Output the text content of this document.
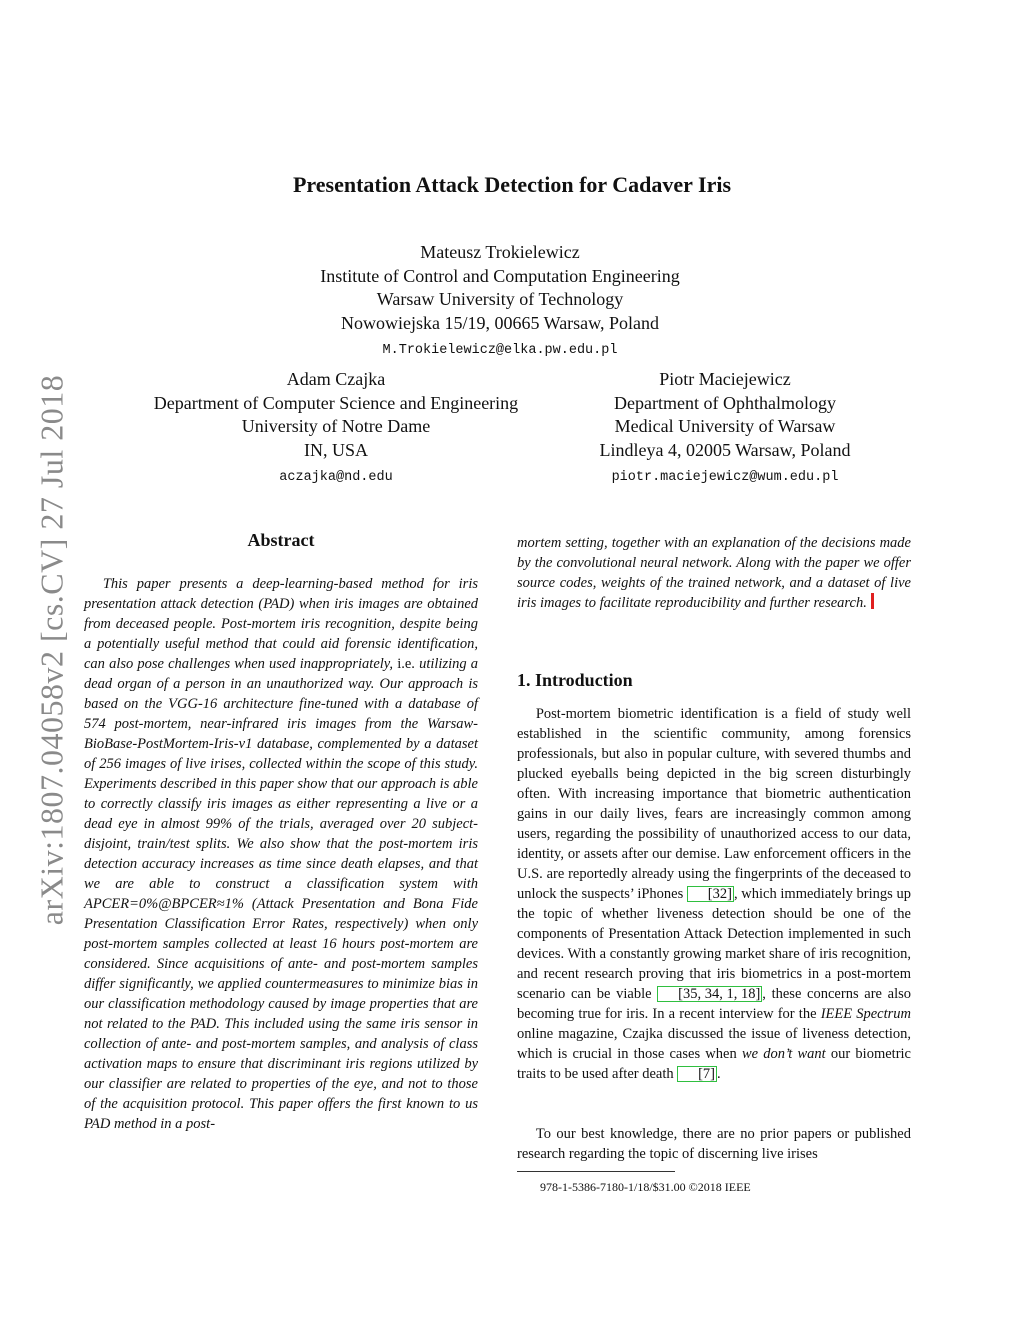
arXiv:1807.04058v2 [cs.CV] 27 Jul 2018
Presentation Attack Detection for Cadaver Iris
Mateusz Trokielewicz
Institute of Control and Computation Engineering
Warsaw University of Technology
Nowowiejska 15/19, 00665 Warsaw, Poland
M.Trokielewicz@elka.pw.edu.pl
Adam Czajka
Department of Computer Science and Engineering
University of Notre Dame
IN, USA
aczajka@nd.edu
Piotr Maciejewicz
Department of Ophthalmology
Medical University of Warsaw
Lindleya 4, 02005 Warsaw, Poland
piotr.maciejewicz@wum.edu.pl
Abstract

This paper presents a deep-learning-based method for iris presentation attack detection (PAD) when iris images are obtained from deceased people. Post-mortem iris recognition, despite being a potentially useful method that could aid forensic identification, can also pose challenges when used inappropriately, i.e. utilizing a dead organ of a person in an unauthorized way. Our approach is based on the VGG-16 architecture fine-tuned with a database of 574 post-mortem, near-infrared iris images from the Warsaw-BioBase-PostMortem-Iris-v1 database, complemented by a dataset of 256 images of live irises, collected within the scope of this study. Experiments described in this paper show that our approach is able to correctly classify iris images as either representing a live or a dead eye in almost 99% of the trials, averaged over 20 subject-disjoint, train/test splits. We also show that the post-mortem iris detection accuracy increases as time since death elapses, and that we are able to construct a classification system with APCER=0%@BPCER≈1% (Attack Presentation and Bona Fide Presentation Classification Error Rates, respectively) when only post-mortem samples collected at least 16 hours post-mortem are considered. Since acquisitions of ante- and post-mortem samples differ significantly, we applied countermeasures to minimize bias in our classification methodology caused by image properties that are not related to the PAD. This included using the same iris sensor in collection of ante- and post-mortem samples, and analysis of class activation maps to ensure that discriminant iris regions utilized by our classifier are related to properties of the eye, and not to those of the acquisition protocol. This paper offers the first known to us PAD method in a post-

mortem setting, together with an explanation of the decisions made by the convolutional neural network. Along with the paper we offer source codes, weights of the trained network, and a dataset of live iris images to facilitate reproducibility and further research.

1. Introduction

Post-mortem biometric identification is a field of study well established in the scientific community, among forensics professionals, but also in popular culture, with severed thumbs and plucked eyeballs being depicted in the big screen disturbingly often. With increasing importance that biometric authentication gains in our daily lives, fears are increasingly common among users, regarding the possibility of unauthorized access to our data, identity, or assets after our demise. Law enforcement officers in the U.S. are reportedly already using the fingerprints of the deceased to unlock the suspects’ iPhones [32] , which immediately brings up the topic of whether liveness detection should be one of the components of Presentation Attack Detection implemented in such devices. With a constantly growing market share of iris recognition, and recent research proving that iris biometrics in a post-mortem scenario can be viable [35, 34, 1, 18] , these concerns are also becoming true for iris. In a recent interview for the IEEE Spectrum online magazine, Czajka discussed the issue of liveness detection, which is crucial in those cases when we don’t want our biometric traits to be used after death [7] .

To our best knowledge, there are no prior papers or published research regarding the topic of discerning live irises

978-1-5386-7180-1/18/$31.00 ©2018 IEEE
